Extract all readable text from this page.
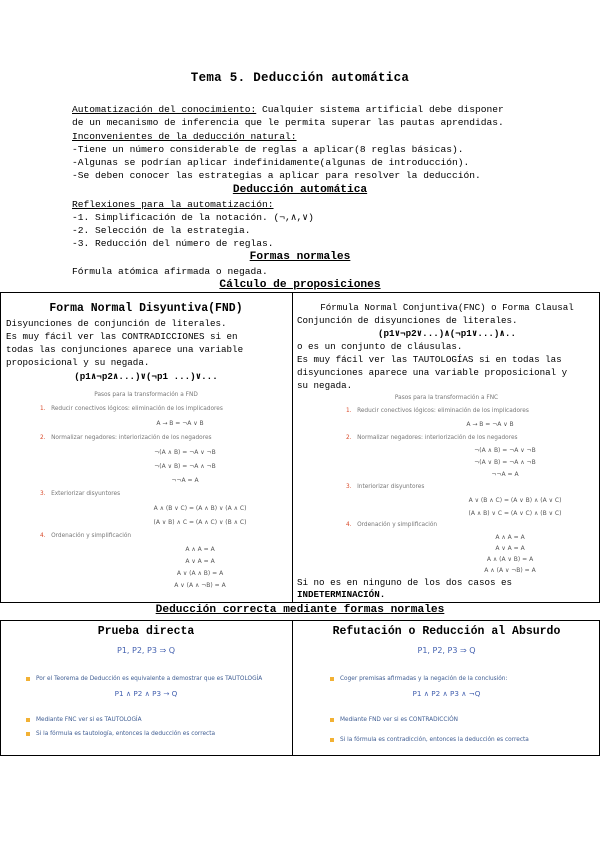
Tema 5. Deducción automática
Automatización del conocimiento: Cualquier sistema artificial debe disponer
de un mecanismo de inferencia que le permita superar las pautas aprendidas.
Inconvenientes de la deducción natural:
-Tiene un número considerable de reglas a aplicar(8 reglas básicas).
-Algunas se podrían aplicar indefinidamente(algunas de introducción).
-Se deben conocer las estrategias a aplicar para resolver la deducción.
Deducción automática
Reflexiones para la automatización:
-1. Simplificación de la notación. (¬,∧,∨)
-2. Selección de la estrategia.
-3. Reducción del número de reglas.
Formas normales
Fórmula atómica afirmada o negada.
Cálculo de proposiciones
Forma Normal Disyuntiva(FND)
Disyunciones de conjunción de literales.
Es muy fácil ver las CONTRADICCIONES si en
todas las conjunciones aparece una variable
proposicional y su negada.
(p1∧¬p2∧...)∨(¬p1 ...)∨...
Pasos para la transformación a FND
1. Reducir conectivos lógicos: eliminación de los implicadores
A → B = ¬A ∨ B
2. Normalizar negadores: interiorización de los negadores
¬(A ∧ B) = ¬A ∨ ¬B
¬(A ∨ B) = ¬A ∧ ¬B
¬¬A = A
3. Exteriorizar disyuntores
A ∧ (B ∨ C) = (A ∧ B) ∨ (A ∧ C)
(A ∨ B) ∧ C = (A ∧ C) ∨ (B ∧ C)
4. Ordenación y simplificación
A ∧ A = A
A ∨ A = A
A ∨ (A ∧ B) = A
A ∨ (A ∧ ¬B) = A
Fórmula Normal Conjuntiva(FNC) o Forma Clausal
Conjunción de disyunciones de literales.
(p1∨¬p2∨...)∧(¬p1∨...)∧..
o es un conjunto de cláusulas.
Es muy fácil ver las TAUTOLOGÍAS si en todas las
disyunciones aparece una variable proposicional y
su negada.
Pasos para la transformación a FNC
1. Reducir conectivos lógicos: eliminación de los implicadores
A → B = ¬A ∨ B
2. Normalizar negadores: interiorización de los negadores
¬(A ∧ B) = ¬A ∨ ¬B
¬(A ∨ B) = ¬A ∧ ¬B
¬¬A = A
3. Interiorizar disyuntores
A ∨ (B ∧ C) = (A ∨ B) ∧ (A ∨ C)
(A ∧ B) ∨ C = (A ∨ C) ∧ (B ∨ C)
4. Ordenación y simplificación
A ∧ A = A
A ∨ A = A
A ∧ (A ∨ B) = A
A ∧ (A ∨ ¬B) = A
Si no es en ninguno de los dos casos es
INDETERMINACIÓN.
Deducción correcta mediante formas normales
Prueba directa
P1, P2, P3 ⇒ Q
Por el Teorema de Deducción es equivalente a demostrar que es TAUTOLOGÍA
P1 ∧ P2 ∧ P3 → Q
Mediante FNC ver si es TAUTOLOGÍA
Si la fórmula es tautología, entonces la deducción es correcta
Refutación o Reducción al Absurdo
P1, P2, P3 ⇒ Q
Coger premisas afirmadas y la negación de la conclusión:
P1 ∧ P2 ∧ P3 ∧ ¬Q
Mediante FND ver si es CONTRADICCIÓN
Si la fórmula es contradicción, entonces la deducción es correcta
